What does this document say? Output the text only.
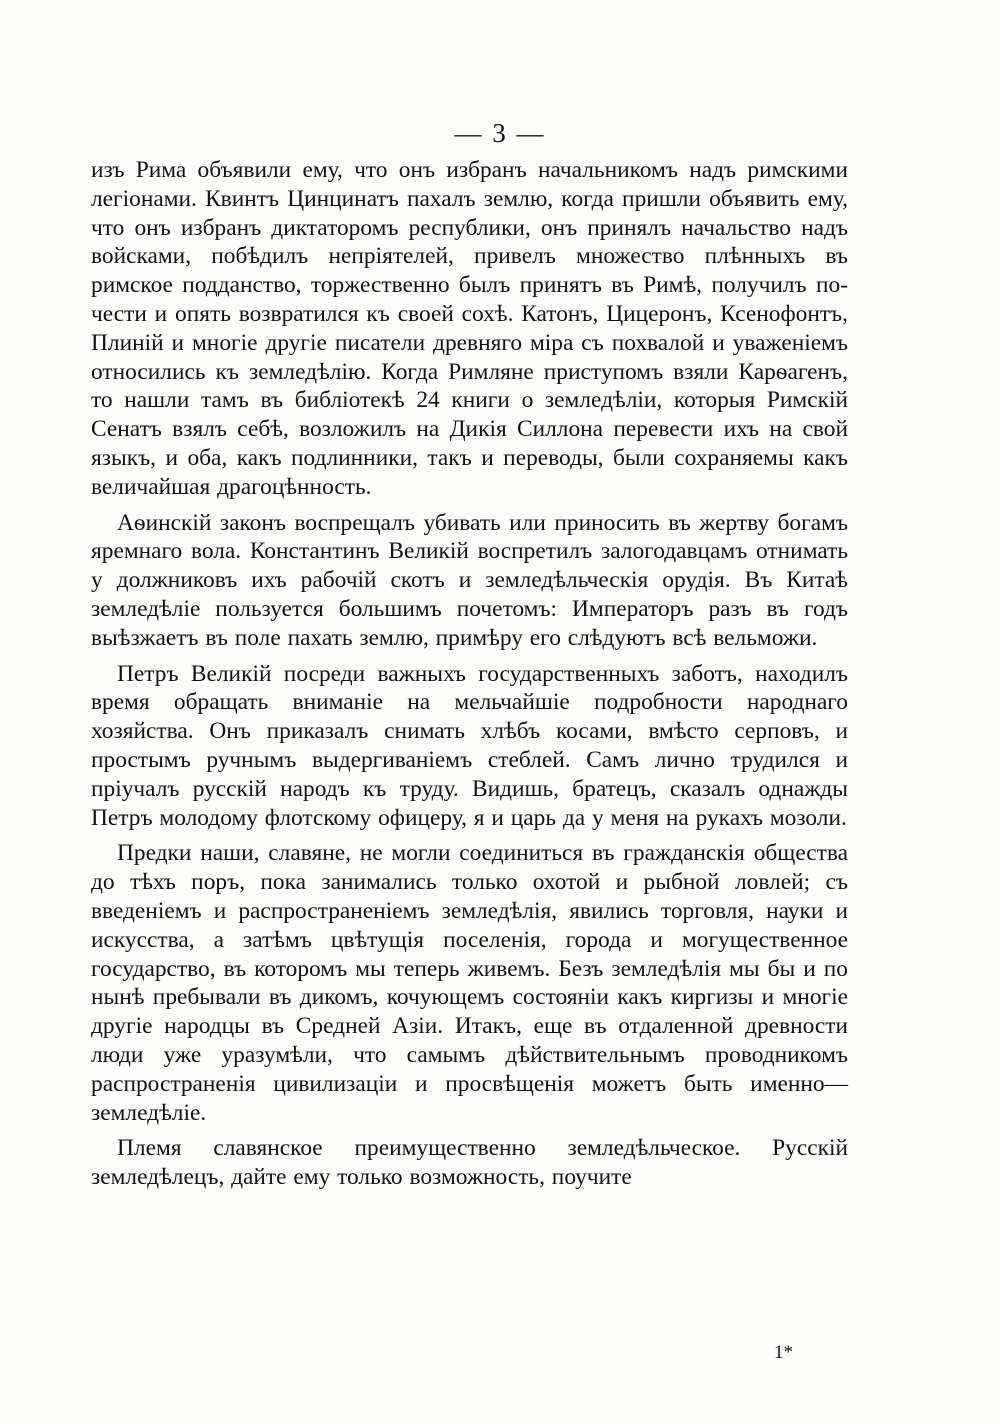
— 3 —

изъ Рима объявили ему, что онъ избранъ начальникомъ надъ римскими легіонами. Квинтъ Цинцинатъ пахалъ землю, когда пришли объявить ему, что онъ избранъ диктаторомъ республики, онъ принялъ начальство надъ войсками, побѣдилъ непріятелей, привелъ множество плѣнныхъ въ римское подданство, торжественно былъ принятъ въ Римѣ, получилъ почести и опять возвратился къ своей сохѣ. Катонъ, Цицеронъ, Ксенофонтъ, Плиній и многіе другіе писатели древняго міра съ похвалой и уваженіемъ относились къ земледѣлію. Когда Римляне приступомъ взяли Карѳагенъ, то нашли тамъ въ библіотекѣ 24 книги о земледѣліи, которыя Римскій Сенатъ взялъ себѣ, возложилъ на Дикія Силлона перевести ихъ на свой языкъ, и оба, какъ подлинники, такъ и переводы, были сохраняемы какъ величайшая драгоцѣнность.

Аѳинскій законъ воспрещалъ убивать или приносить въ жертву богамъ яремнаго вола. Константинъ Великій воспретилъ залогодавцамъ отнимать у должниковъ ихъ рабочій скотъ и земледѣльческія орудія. Въ Китаѣ земледѣліе пользуется большимъ почетомъ: Императоръ разъ въ годъ выѣзжаетъ въ поле пахать землю, примѣру его слѣдуютъ всѣ вельможи.

Петръ Великій посреди важныхъ государственныхъ заботъ, находилъ время обращать вниманіе на мельчайшіе подробности народнаго хозяйства. Онъ приказалъ снимать хлѣбъ косами, вмѣсто серповъ, и простымъ ручнымъ выдергиваніемъ стеблей. Самъ лично трудился и пріучалъ русскій народъ къ труду. Видишь, братецъ, сказалъ однажды Петръ молодому флотскому офицеру, я и царь да у меня на рукахъ мозоли.

Предки наши, славяне, не могли соединиться въ гражданскія общества до тѣхъ поръ, пока занимались только охотой и рыбной ловлей; съ введеніемъ и распространеніемъ земледѣлія, явились торговля, науки и искусства, а затѣмъ цвѣтущія поселенія, города и могущественное государство, въ которомъ мы теперь живемъ. Безъ земледѣлія мы бы и по нынѣ пребывали въ дикомъ, кочующемъ состояніи какъ киргизы и многіе другіе народцы въ Средней Азіи. Итакъ, еще въ отдаленной древности люди уже уразумѣли, что самымъ дѣйствительнымъ проводникомъ распространенія цивилизаціи и просвѣщенія можетъ быть именно—земледѣліе.

Племя славянское преимущественно земледѣльческое. Русскій земледѣлецъ, дайте ему только возможность, поучите

1*
